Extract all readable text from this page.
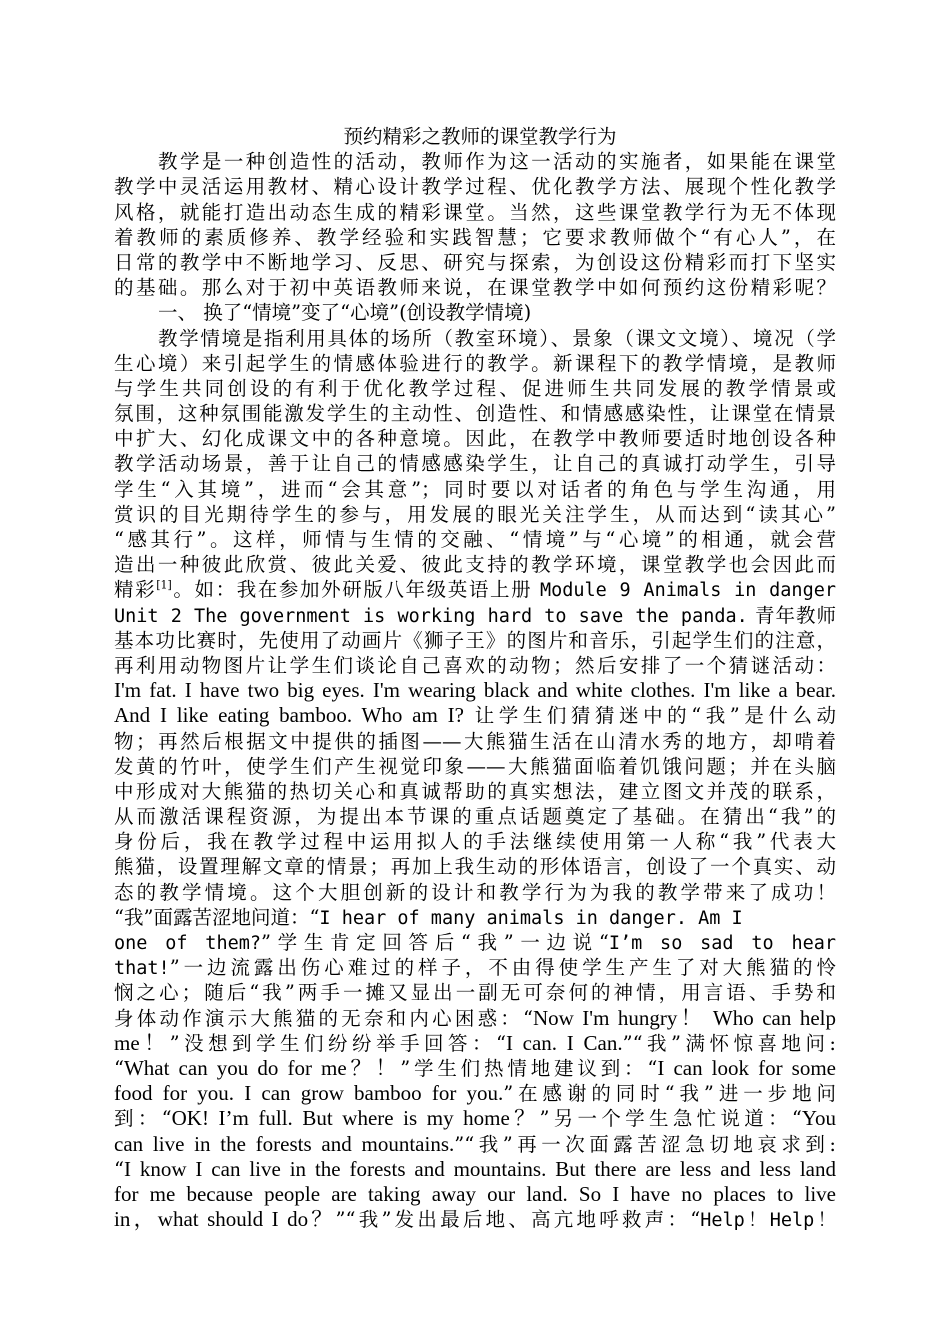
预约精彩之教师的课堂教学行为
教学是一种创造性的活动，教师作为这一活动的实施者，如果能在课堂
教学中灵活运用教材、精心设计教学过程、优化教学方法、展现个性化教学
风格，就能打造出动态生成的精彩课堂。当然，这些课堂教学行为无不体现
着教师的素质修养、教学经验和实践智慧；它要求教师做个“有心人”，在
日常的教学中不断地学习、反思、研究与探索，为创设这份精彩而打下坚实
的基础。那么对于初中英语教师来说，在课堂教学中如何预约这份精彩呢？
一、 换了“情境”变了“心境”(创设教学情境)
教学情境是指利用具体的场所（教室环境）、景象（课文文境）、境况（学
生心境）来引起学生的情感体验进行的教学。新课程下的教学情境，是教师
与学生共同创设的有利于优化教学过程、促进师生共同发展的教学情景或
氛围，这种氛围能激发学生的主动性、创造性、和情感感染性，让课堂在情景
中扩大、幻化成课文中的各种意境。因此，在教学中教师要适时地创设各种
教学活动场景，善于让自己的情感感染学生，让自己的真诚打动学生，引导
学生“入其境”，进而“会其意”；同时要以对话者的角色与学生沟通，用
赏识的目光期待学生的参与，用发展的眼光关注学生，从而达到“读其心”
“感其行”。这样，师情与生情的交融、“情境”与“心境”的相通，就会营
造出一种彼此欣赏、彼此关爱、彼此支持的教学环境，课堂教学也会因此而
精彩[1]。如：我在参加外研版八年级英语上册 Module 9 Animals in danger
Unit 2 The government is working hard to save the panda. 青年教师
基本功比赛时，先使用了动画片《狮子王》的图片和音乐，引起学生们的注意，
再利用动物图片让学生们谈论自己喜欢的动物；然后安排了一个猜谜活动：
I'm fat. I have two big eyes. I'm wearing black and white clothes. I'm like a bear.
And I like eating bamboo. Who am I? 让学生们猜猜迷中的“我”是什么动
物；再然后根据文中提供的插图——大熊猫生活在山清水秀的地方，却啃着
发黄的竹叶，使学生们产生视觉印象——大熊猫面临着饥饿问题；并在头脑
中形成对大熊猫的热切关心和真诚帮助的真实想法，建立图文并茂的联系，
从而激活课程资源，为提出本节课的重点话题奠定了基础。在猜出“我”的
身份后，我在教学过程中运用拟人的手法继续使用第一人称“我”代表大
熊猫，设置理解文章的情景；再加上我生动的形体语言，创设了一个真实、动
态的教学情境。这个大胆创新的设计和教学行为为我的教学带来了成功！
“我”面露苦涩地问道：“I hear of many animals in danger. Am I
one of them?”学生肯定回答后“我”一边说“I’m so sad to hear
that!”一边流露出伤心难过的样子，不由得使学生产生了对大熊猫的怜
悯之心；随后“我”两手一摊又显出一副无可奈何的神情，用言语、手势和
身体动作演示大熊猫的无奈和内心困惑：“Now I'm hungry！ Who can help
me！”没想到学生们纷纷举手回答：“I can. I Can.”“我”满怀惊喜地问:
“What can you do for me？！”学生们热情地建议到：“I can look for some
food for you. I can grow bamboo for you.”在感谢的同时“我”进一步地问
到：“OK! I’m full. But where is my home？”另一个学生急忙说道：“You
can live in the forests and mountains.”“我”再一次面露苦涩急切地哀求到:
“I know I can live in the forests and mountains. But there are less and less land
for me because people are taking away our land. So I have no places to live
in，what should I do？”“我”发出最后地、高亢地呼救声：“Help！Help！
